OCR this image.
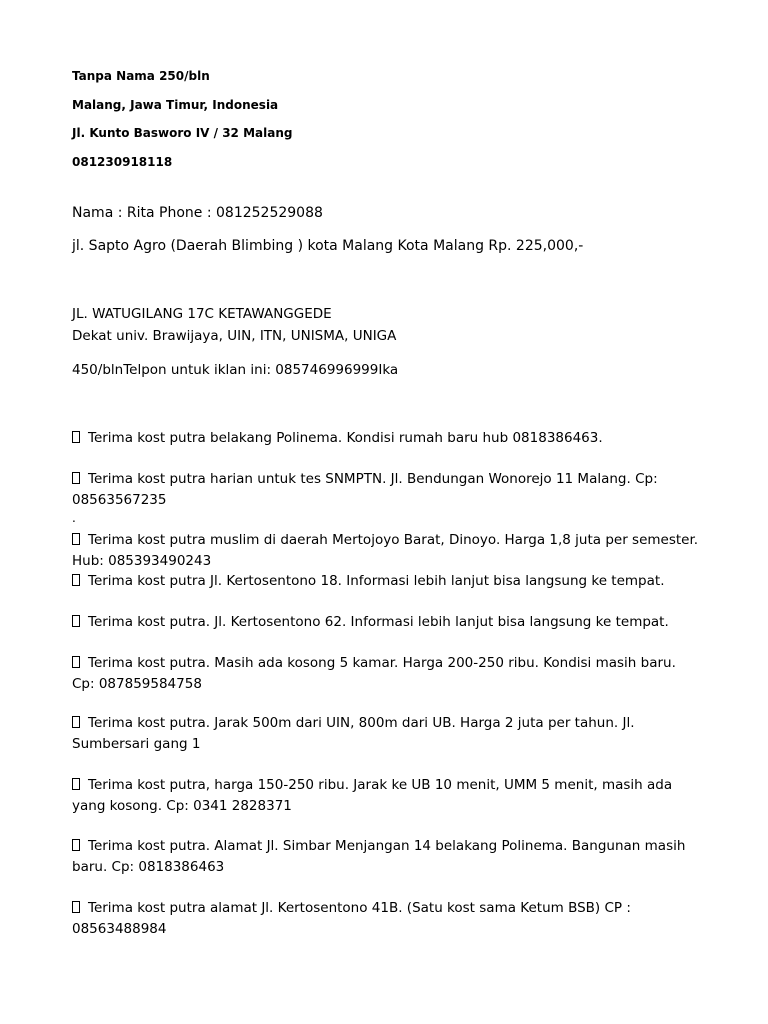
Tanpa Nama 250/bln
Malang, Jawa Timur, Indonesia
Jl. Kunto Basworo IV / 32 Malang
081230918118
Nama : Rita Phone : 081252529088
jl. Sapto Agro (Daerah Blimbing ) kota Malang Kota Malang Rp. 225,000,-
JL. WATUGILANG 17C KETAWANGGEDE
Dekat univ. Brawijaya, UIN, ITN, UNISMA, UNIGA
450/blnTelpon untuk iklan ini: 085746996999Ika
Terima kost putra belakang Polinema. Kondisi rumah baru hub 0818386463.
Terima kost putra harian untuk tes SNMPTN. Jl. Bendungan Wonorejo 11 Malang. Cp: 08563567235
.
Terima kost putra muslim di daerah Mertojoyo Barat, Dinoyo. Harga 1,8 juta per semester. Hub: 085393490243
Terima kost putra Jl. Kertosentono 18. Informasi lebih lanjut bisa langsung ke tempat.
Terima kost putra. Jl. Kertosentono 62. Informasi lebih lanjut bisa langsung ke tempat.
Terima kost putra. Masih ada kosong 5 kamar. Harga 200-250 ribu. Kondisi masih baru. Cp: 087859584758
Terima kost putra. Jarak 500m dari UIN, 800m dari UB. Harga 2 juta per tahun. Jl. Sumbersari gang 1
Terima kost putra, harga 150-250 ribu. Jarak ke UB 10 menit, UMM 5 menit, masih ada yang kosong. Cp: 0341 2828371
Terima kost putra. Alamat Jl. Simbar Menjangan 14 belakang Polinema. Bangunan masih baru. Cp: 0818386463
Terima kost putra alamat Jl. Kertosentono 41B. (Satu kost sama Ketum BSB) CP : 08563488984
